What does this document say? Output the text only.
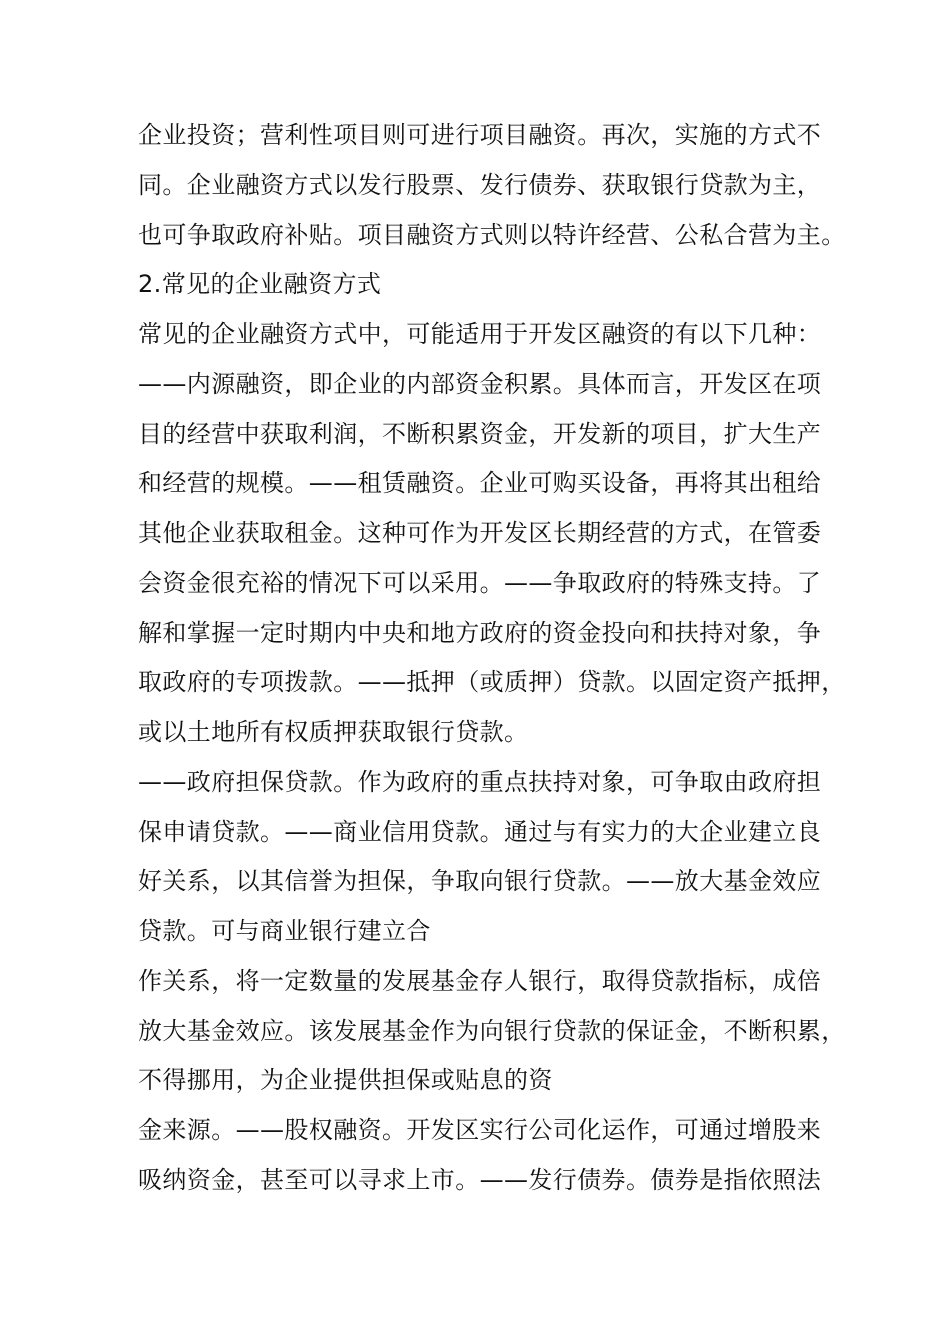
企业投资；营利性项目则可进行项目融资。再次，实施的方式不
同。企业融资方式以发行股票、发行债券、获取银行贷款为主，
也可争取政府补贴。项目融资方式则以特许经营、公私合营为主。
2.常见的企业融资方式
常见的企业融资方式中，可能适用于开发区融资的有以下几种：
——内源融资，即企业的内部资金积累。具体而言，开发区在项
目的经营中获取利润，不断积累资金，开发新的项目，扩大生产
和经营的规模。——租赁融资。企业可购买设备，再将其出租给
其他企业获取租金。这种可作为开发区长期经营的方式，在管委
会资金很充裕的情况下可以采用。——争取政府的特殊支持。了
解和掌握一定时期内中央和地方政府的资金投向和扶持对象，争
取政府的专项拨款。——抵押（或质押）贷款。以固定资产抵押，
或以土地所有权质押获取银行贷款。
——政府担保贷款。作为政府的重点扶持对象，可争取由政府担
保申请贷款。——商业信用贷款。通过与有实力的大企业建立良
好关系，以其信誉为担保，争取向银行贷款。——放大基金效应
贷款。可与商业银行建立合
作关系，将一定数量的发展基金存人银行，取得贷款指标，成倍
放大基金效应。该发展基金作为向银行贷款的保证金，不断积累，
不得挪用，为企业提供担保或贴息的资
金来源。——股权融资。开发区实行公司化运作，可通过增股来
吸纳资金，甚至可以寻求上市。——发行债券。债券是指依照法
